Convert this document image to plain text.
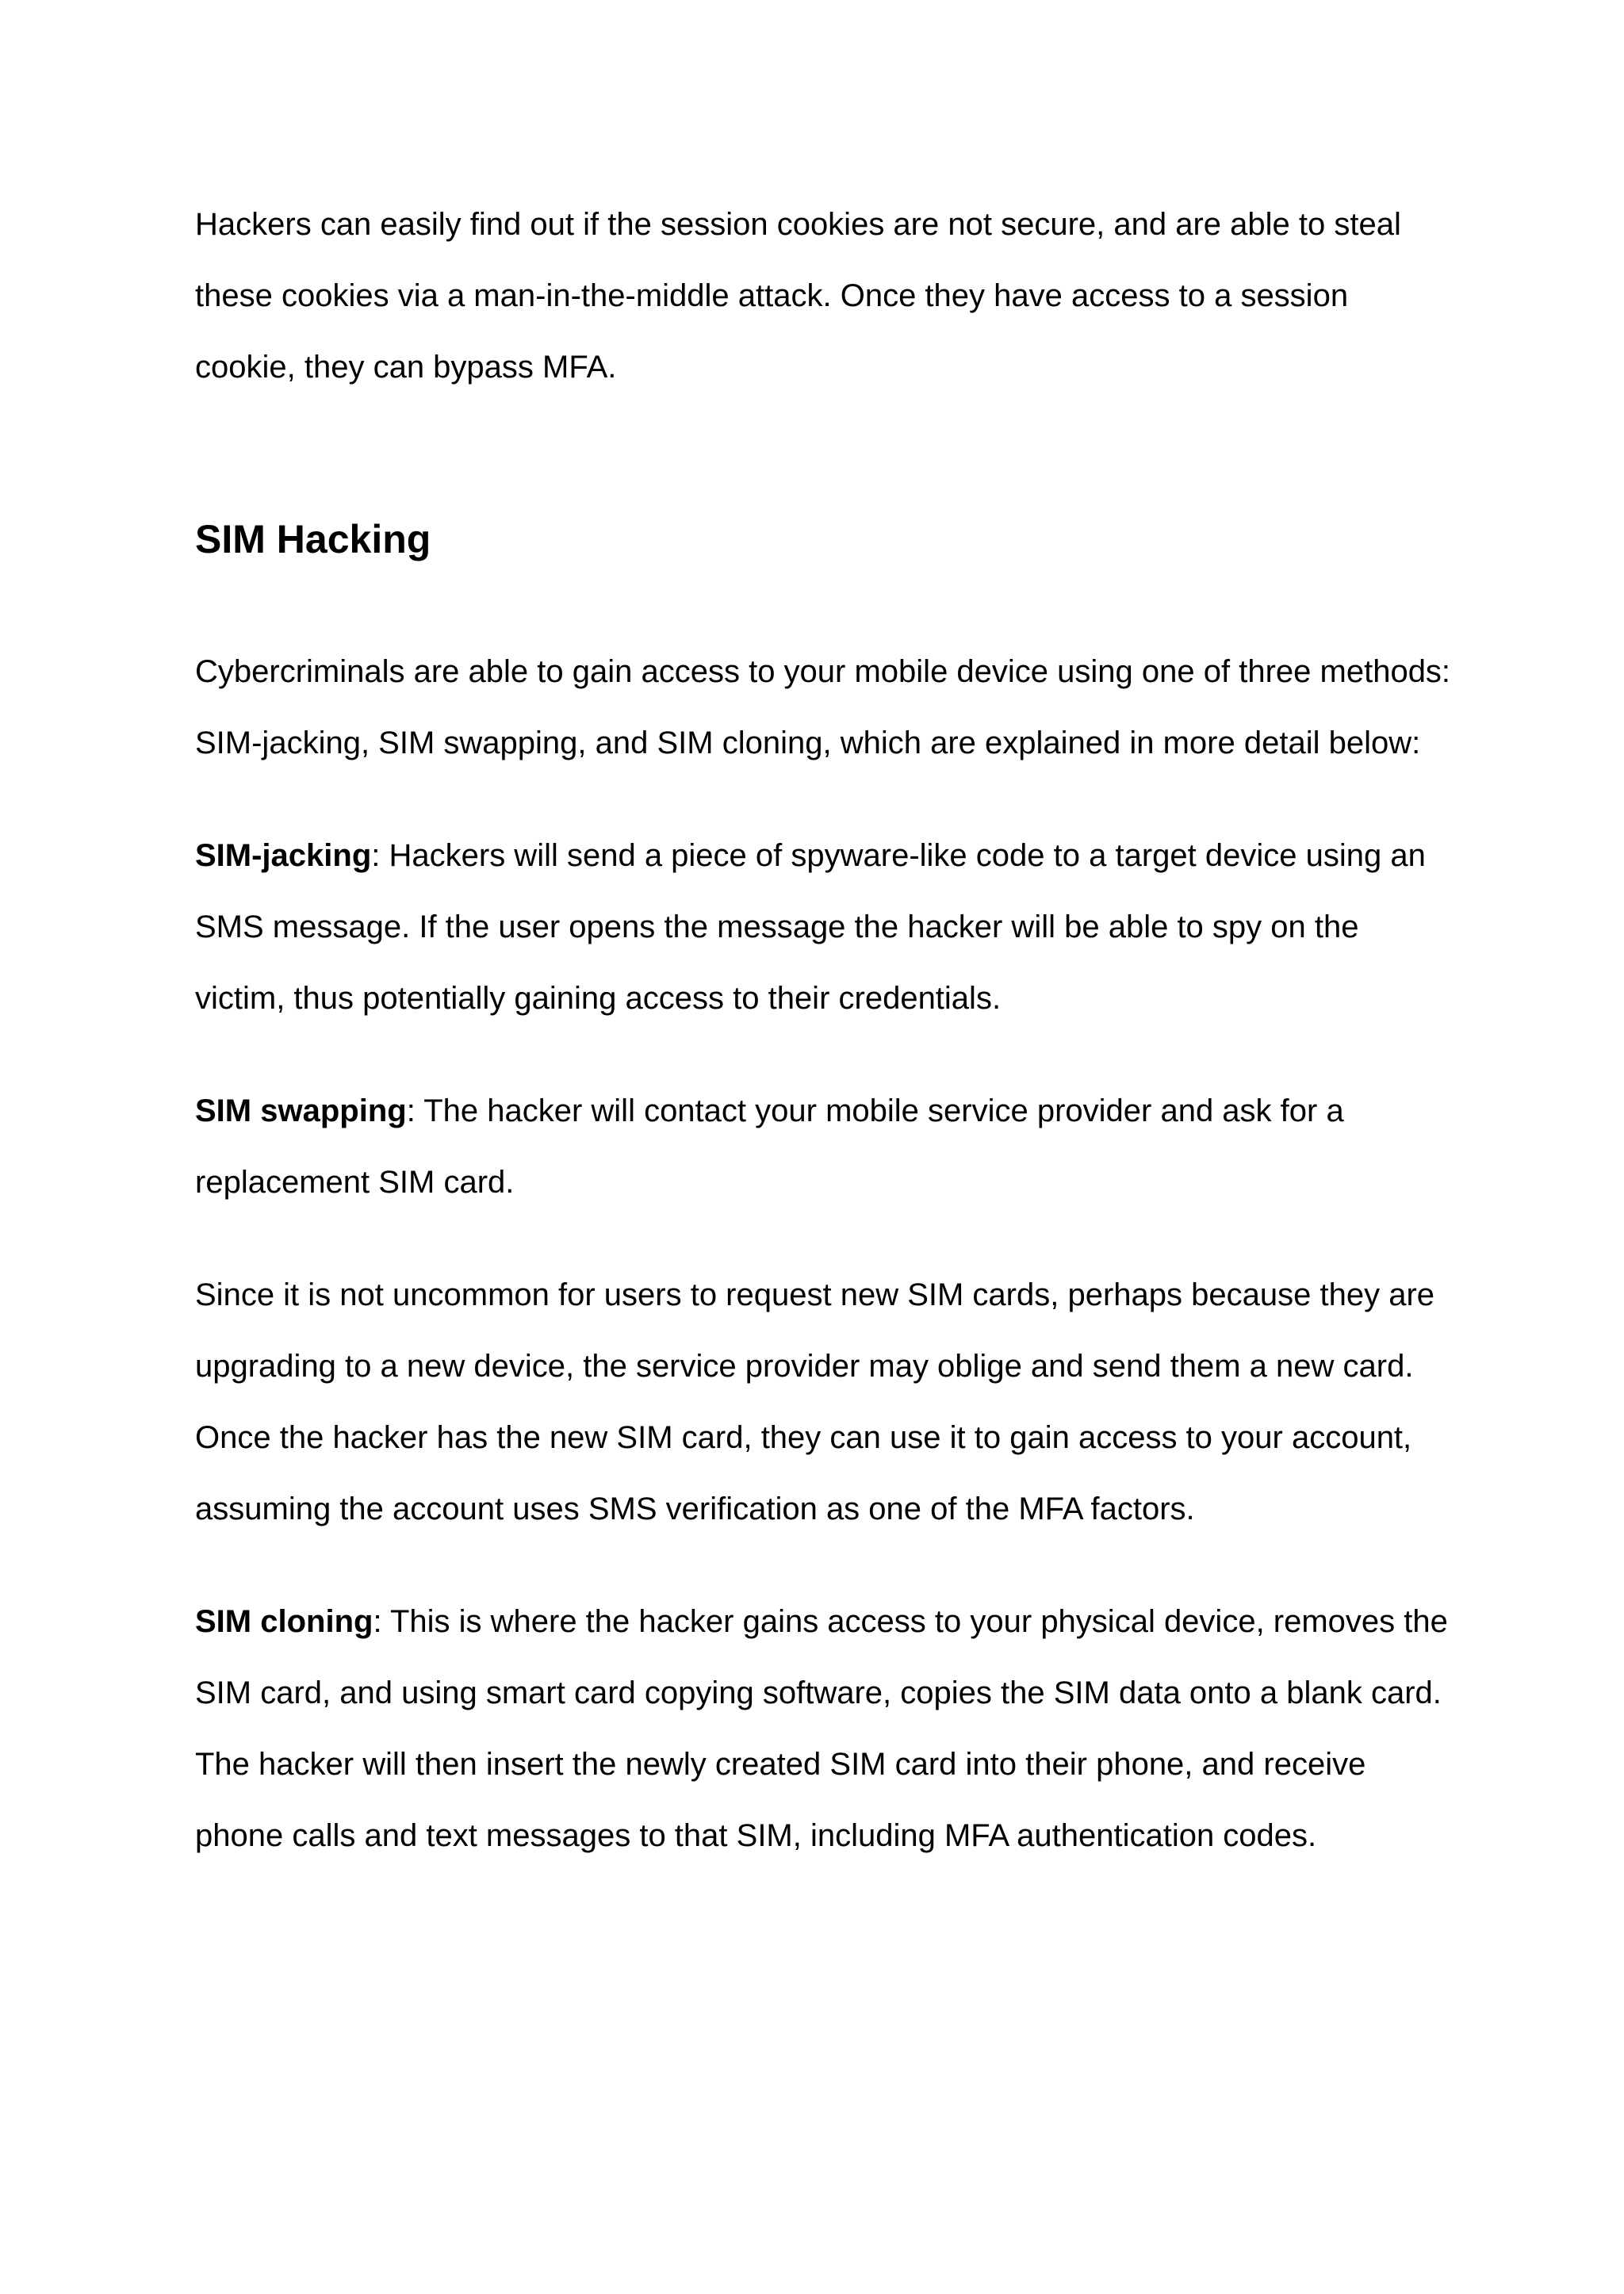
Hackers can easily find out if the session cookies are not secure, and are able to steal these cookies via a man-in-the-middle attack. Once they have access to a session cookie, they can bypass MFA.

SIM Hacking

Cybercriminals are able to gain access to your mobile device using one of three methods: SIM-jacking, SIM swapping, and SIM cloning, which are explained in more detail below:

SIM-jacking: Hackers will send a piece of spyware-like code to a target device using an SMS message. If the user opens the message the hacker will be able to spy on the victim, thus potentially gaining access to their credentials.

SIM swapping: The hacker will contact your mobile service provider and ask for a replacement SIM card.

Since it is not uncommon for users to request new SIM cards, perhaps because they are upgrading to a new device, the service provider may oblige and send them a new card. Once the hacker has the new SIM card, they can use it to gain access to your account, assuming the account uses SMS verification as one of the MFA factors.

SIM cloning: This is where the hacker gains access to your physical device, removes the SIM card, and using smart card copying software, copies the SIM data onto a blank card. The hacker will then insert the newly created SIM card into their phone, and receive phone calls and text messages to that SIM, including MFA authentication codes.
